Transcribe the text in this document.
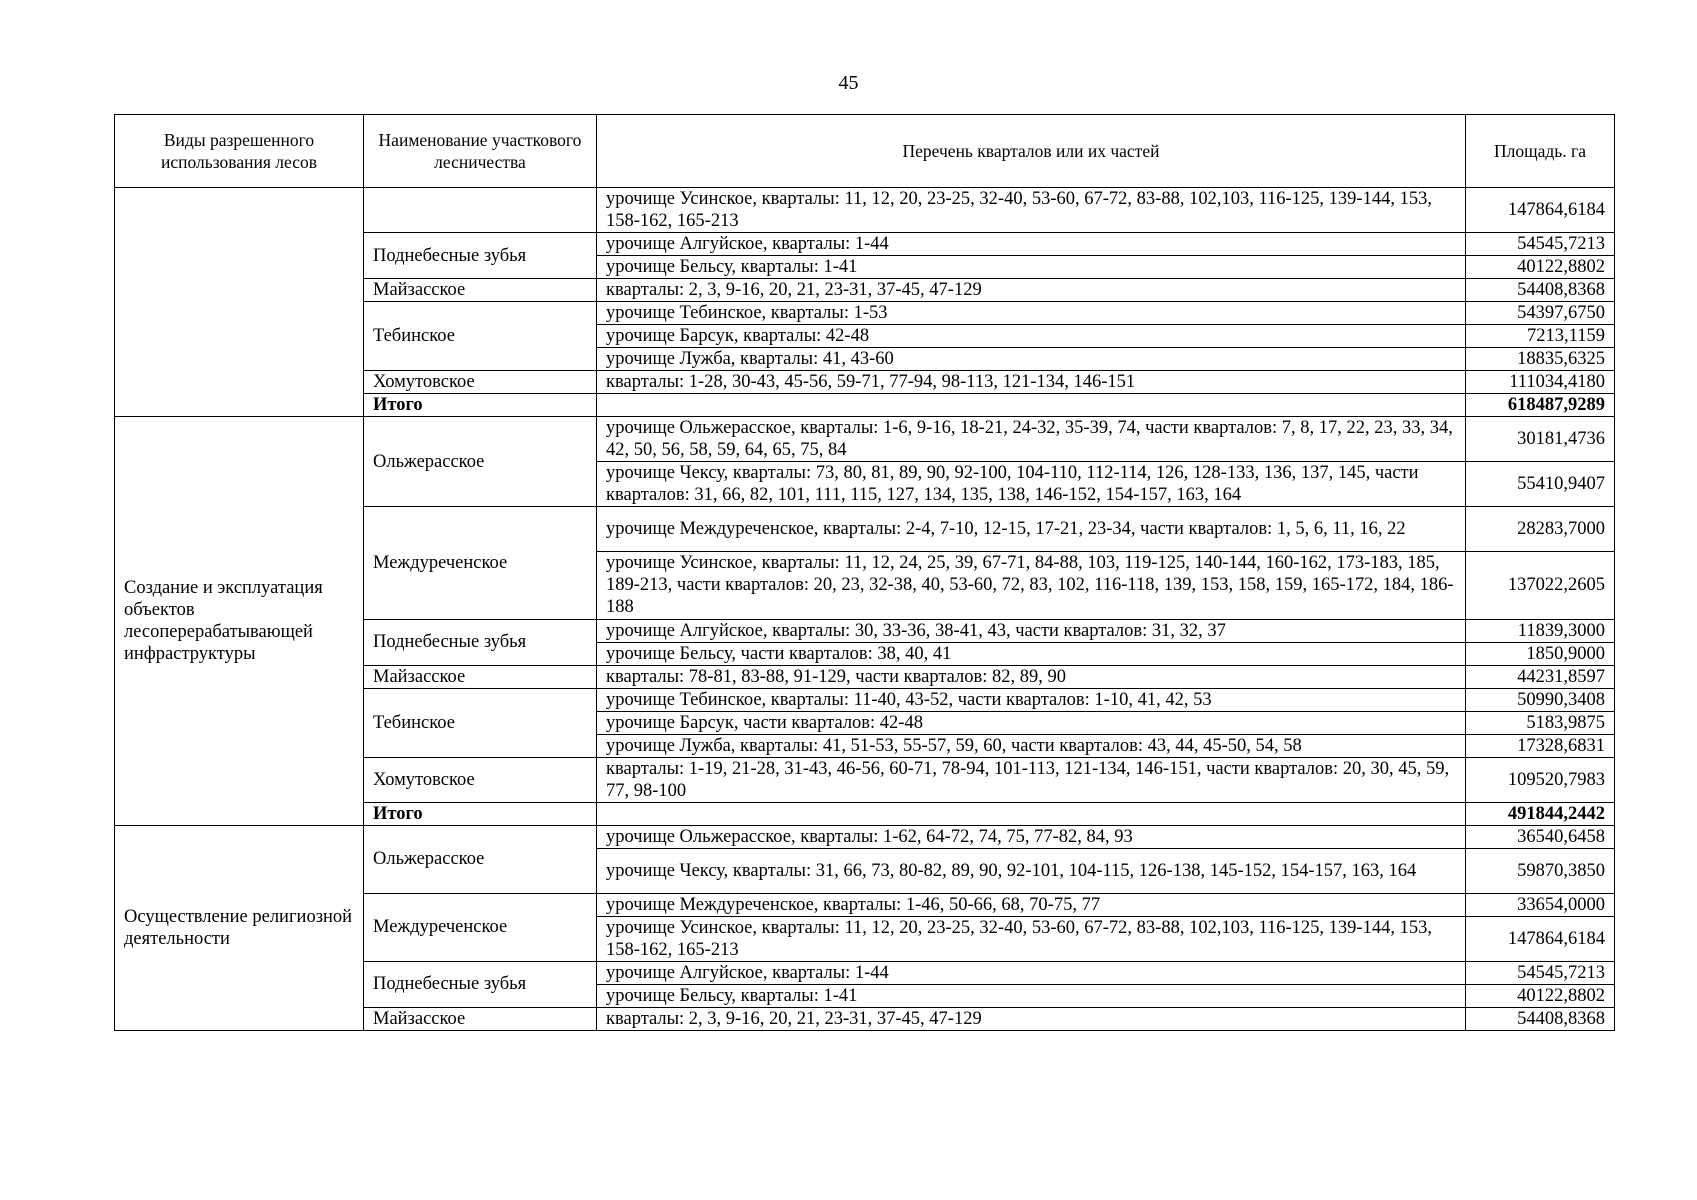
45
Виды разрешенного использования лесов	Наименование участкового лесничества	Перечень кварталов или их частей	Площадь. га
		урочище Усинское, кварталы: 11, 12, 20, 23-25, 32-40, 53-60, 67-72, 83-88, 102,103, 116-125, 139-144, 153, 158-162, 165-213	147864,6184
	Поднебесные зубья	урочище Алгуйское, кварталы: 1-44	54545,7213
		урочище Бельсу, кварталы: 1-41	40122,8802
	Майзасское	кварталы: 2, 3, 9-16, 20, 21, 23-31, 37-45, 47-129	54408,8368
	Тебинское	урочище Тебинское, кварталы: 1-53	54397,6750
		урочище Барсук, кварталы: 42-48	7213,1159
		урочище Лужба, кварталы: 41, 43-60	18835,6325
	Хомутовское	кварталы: 1-28, 30-43, 45-56, 59-71, 77-94, 98-113, 121-134, 146-151	111034,4180
	Итого		618487,9289
Создание и эксплуатация объектов лесоперерабатывающей инфраструктуры	Ольжерасское	урочище Ольжерасское, кварталы: 1-6, 9-16, 18-21, 24-32, 35-39, 74, части кварталов: 7, 8, 17, 22, 23, 33, 34, 42, 50, 56, 58, 59, 64, 65, 75, 84	30181,4736
		урочище Чексу, кварталы: 73, 80, 81, 89, 90, 92-100, 104-110, 112-114, 126, 128-133, 136, 137, 145, части кварталов: 31, 66, 82, 101, 111, 115, 127, 134, 135, 138, 146-152, 154-157, 163, 164	55410,9407
	Междуреченское	урочище Междуреченское, кварталы: 2-4, 7-10, 12-15, 17-21, 23-34, части кварталов: 1, 5, 6, 11, 16, 22	28283,7000
		урочище Усинское, кварталы: 11, 12, 24, 25, 39, 67-71, 84-88, 103, 119-125, 140-144, 160-162, 173-183, 185, 189-213, части кварталов: 20, 23, 32-38, 40, 53-60, 72, 83, 102, 116-118, 139, 153, 158, 159, 165-172, 184, 186-188	137022,2605
	Поднебесные зубья	урочище Алгуйское, кварталы: 30, 33-36, 38-41, 43, части кварталов: 31, 32, 37	11839,3000
		урочище Бельсу, части кварталов: 38, 40, 41	1850,9000
	Майзасское	кварталы: 78-81, 83-88, 91-129, части кварталов: 82, 89, 90	44231,8597
	Тебинское	урочище Тебинское, кварталы: 11-40, 43-52, части кварталов: 1-10, 41, 42, 53	50990,3408
		урочище Барсук, части кварталов: 42-48	5183,9875
		урочище Лужба, кварталы: 41, 51-53, 55-57, 59, 60, части кварталов: 43, 44, 45-50, 54, 58	17328,6831
	Хомутовское	кварталы: 1-19, 21-28, 31-43, 46-56, 60-71, 78-94, 101-113, 121-134, 146-151, части кварталов: 20, 30, 45, 59, 77, 98-100	109520,7983
	Итого		491844,2442
Осуществление религиозной деятельности	Ольжерасское	урочище Ольжерасское, кварталы: 1-62, 64-72, 74, 75, 77-82, 84, 93	36540,6458
		урочище Чексу, кварталы: 31, 66, 73, 80-82, 89, 90, 92-101, 104-115, 126-138, 145-152, 154-157, 163, 164	59870,3850
	Междуреченское	урочище Междуреченское, кварталы: 1-46, 50-66, 68, 70-75, 77	33654,0000
		урочище Усинское, кварталы: 11, 12, 20, 23-25, 32-40, 53-60, 67-72, 83-88, 102,103, 116-125, 139-144, 153, 158-162, 165-213	147864,6184
	Поднебесные зубья	урочище Алгуйское, кварталы: 1-44	54545,7213
		урочище Бельсу, кварталы: 1-41	40122,8802
	Майзасское	кварталы: 2, 3, 9-16, 20, 21, 23-31, 37-45, 47-129	54408,8368
